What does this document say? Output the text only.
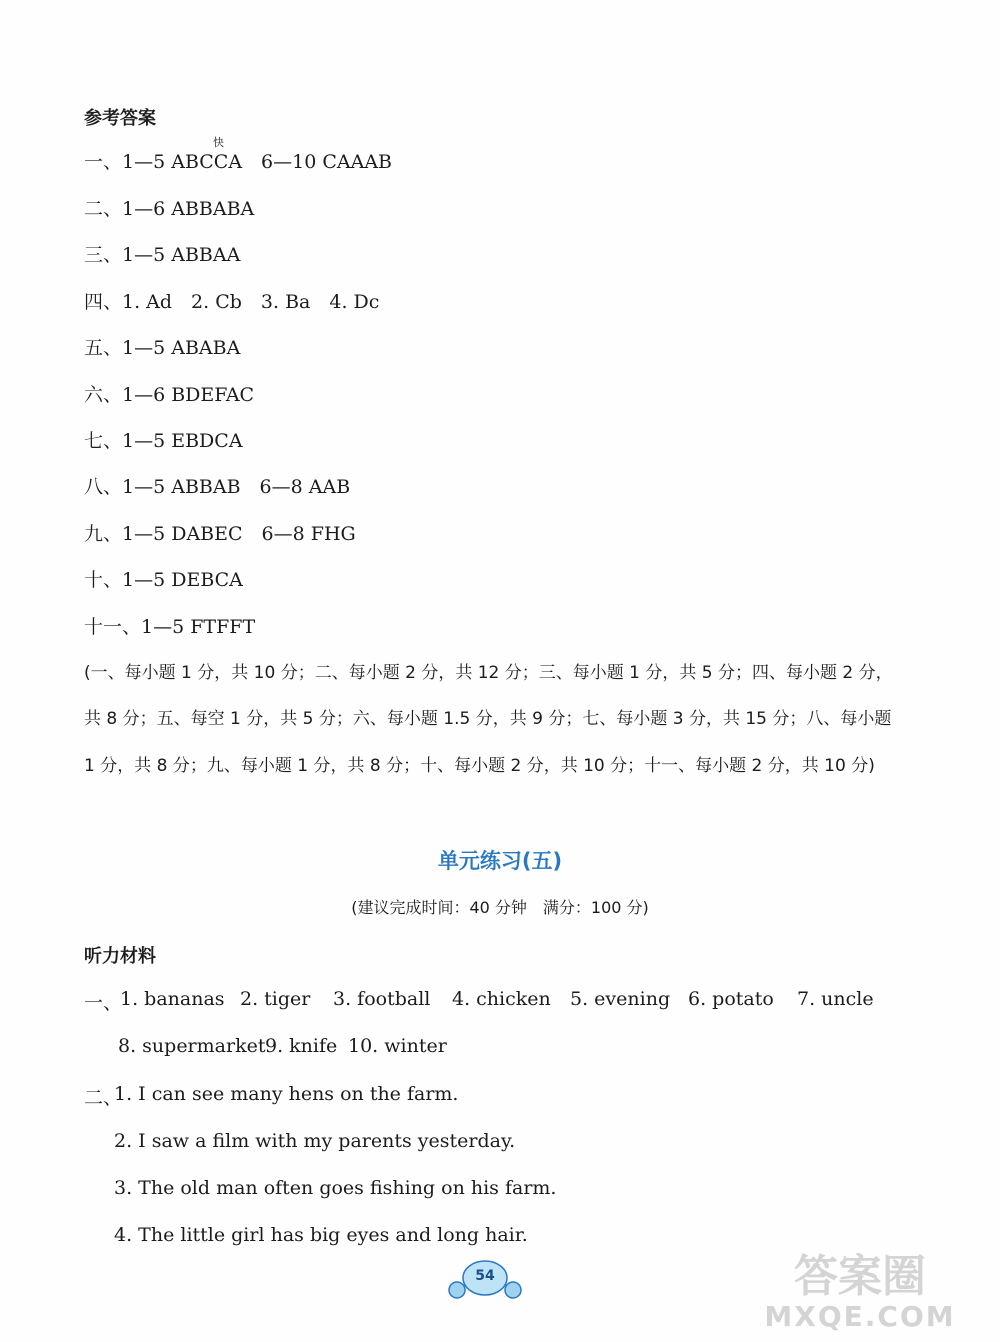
参考答案
快
一、1—5 ABCCA　6—10 CAAAB
二、1—6 ABBABA
三、1—5 ABBAA
四、1. Ad　2. Cb　3. Ba　4. Dc
五、1—5 ABABA
六、1—6 BDEFAC
七、1—5 EBDCA
八、1—5 ABBAB　6—8 AAB
九、1—5 DABEC　6—8 FHG
十、1—5 DEBCA
十一、1—5 FTFFT
(一、每小题 1 分，共 10 分；二、每小题 2 分，共 12 分；三、每小题 1 分，共 5 分；四、每小题 2 分，
共 8 分；五、每空 1 分，共 5 分；六、每小题 1.5 分，共 9 分；七、每小题 3 分，共 15 分；八、每小题
1 分，共 8 分；九、每小题 1 分，共 8 分；十、每小题 2 分，共 10 分；十一、每小题 2 分，共 10 分)
单元练习(五)
(建议完成时间：40 分钟　满分：100 分)
听力材料
一、
1. bananas 2. tiger 3. football 4. chicken 5. evening 6. potato 7. uncle
8. supermarket 9. knife 10. winter
二、
1. I can see many hens on the farm.
2. I saw a film with my parents yesterday.
3. The old man often goes fishing on his farm.
4. The little girl has big eyes and long hair.
54	答案圈
MXQE.COM
